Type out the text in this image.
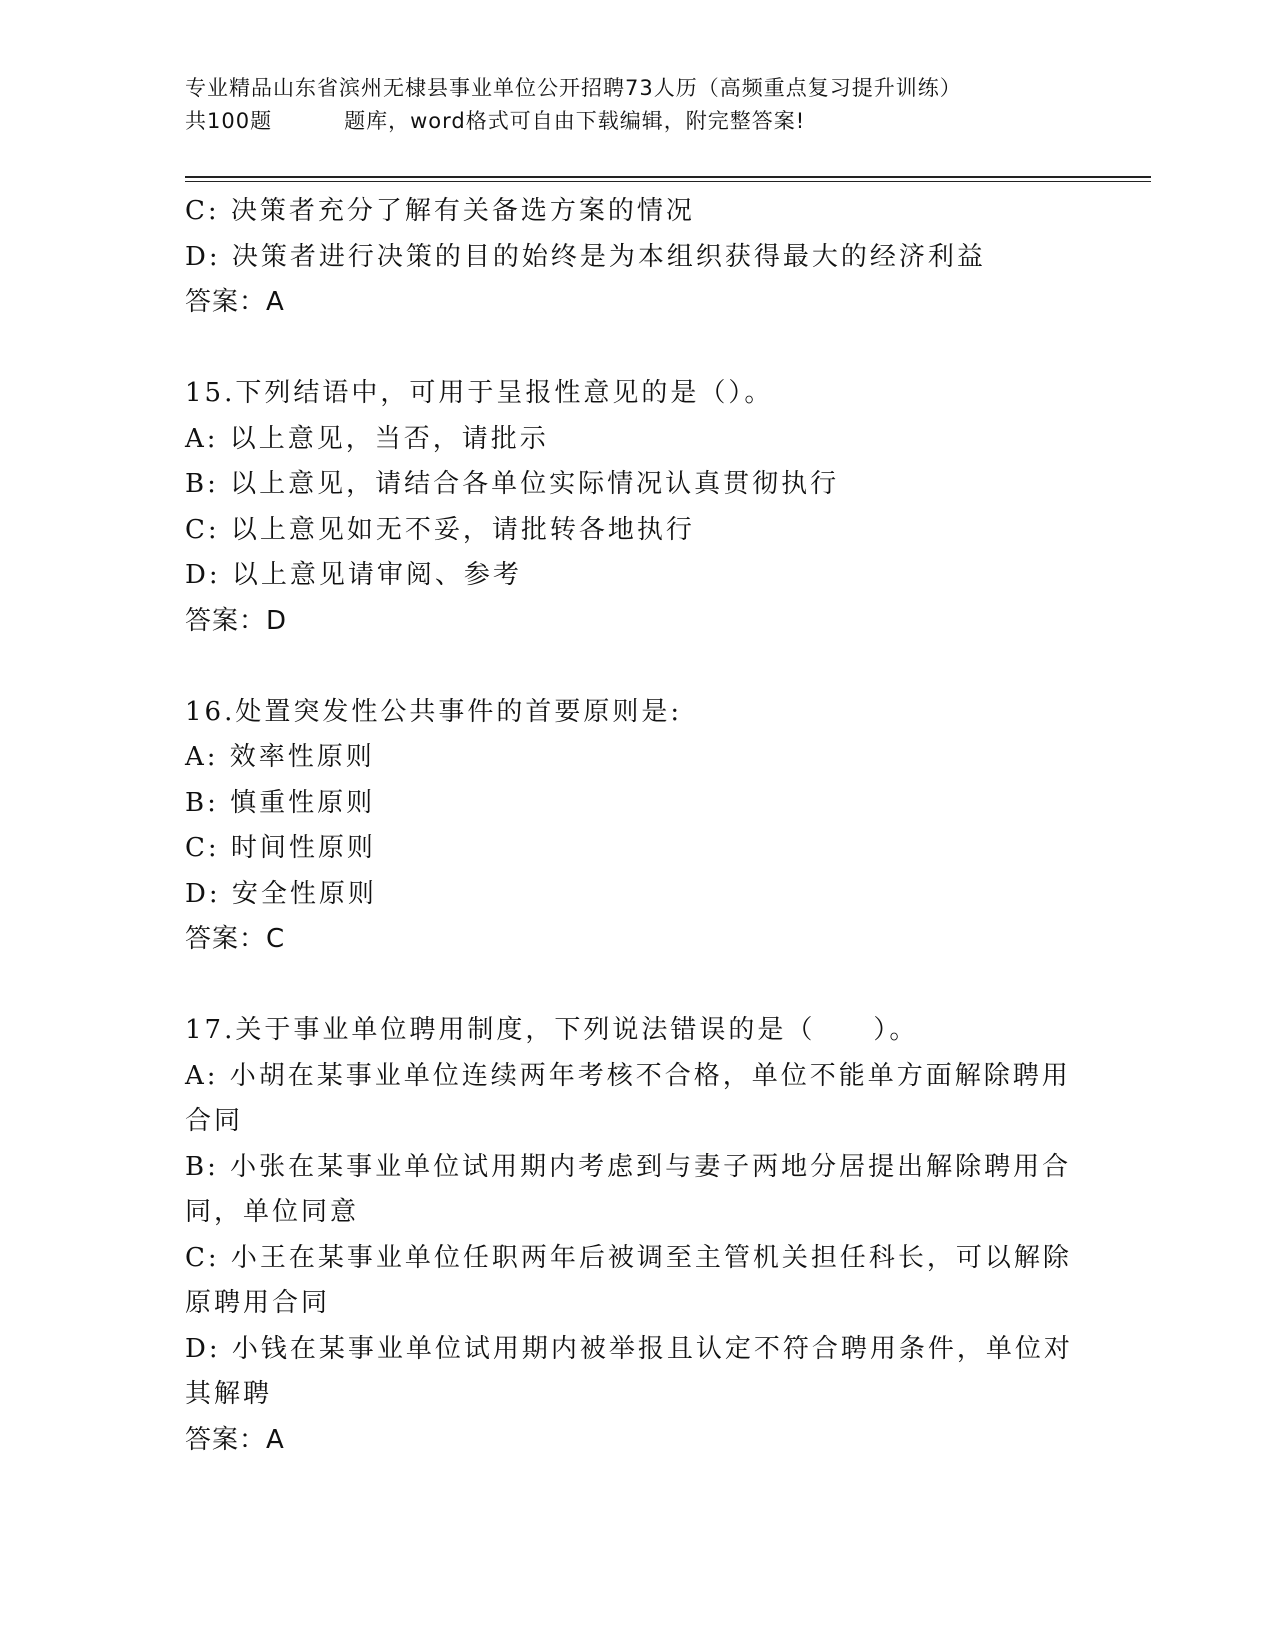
专业精品山东省滨州无棣县事业单位公开招聘73人历（高频重点复习提升训练）
共100题	题库，word格式可自由下载编辑，附完整答案!

C: 决策者充分了解有关备选方案的情况

D: 决策者进行决策的目的始终是为本组织获得最大的经济利益

答案：A

15.下列结语中，可用于呈报性意见的是（）。

A: 以上意见，当否，请批示

B: 以上意见，请结合各单位实际情况认真贯彻执行

C: 以上意见如无不妥，请批转各地执行

D: 以上意见请审阅、参考

答案：D

16.处置突发性公共事件的首要原则是:

A: 效率性原则

B: 慎重性原则

C: 时间性原则

D: 安全性原则

答案：C

17.关于事业单位聘用制度，下列说法错误的是（　　）。

A: 小胡在某事业单位连续两年考核不合格，单位不能单方面解除聘用

合同

B: 小张在某事业单位试用期内考虑到与妻子两地分居提出解除聘用合

同，单位同意

C: 小王在某事业单位任职两年后被调至主管机关担任科长，可以解除

原聘用合同

D: 小钱在某事业单位试用期内被举报且认定不符合聘用条件，单位对

其解聘

答案：A
